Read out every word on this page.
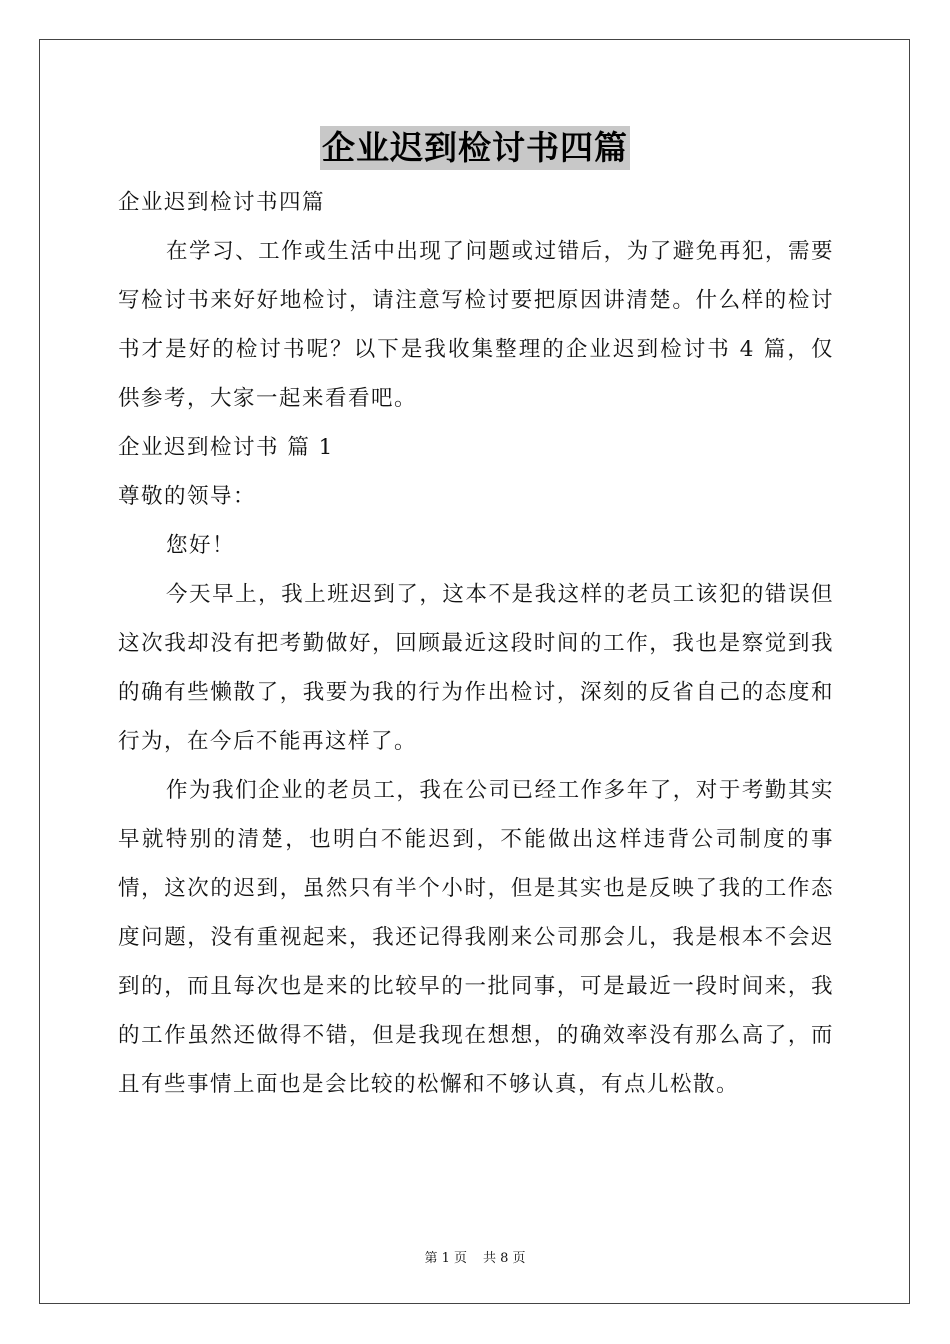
企业迟到检讨书四篇

企业迟到检讨书四篇

在学习、工作或生活中出现了问题或过错后，为了避免再犯，需要写检讨书来好好地检讨，请注意写检讨要把原因讲清楚。什么样的检讨书才是好的检讨书呢？以下是我收集整理的企业迟到检讨书 4 篇，仅供参考，大家一起来看看吧。

企业迟到检讨书 篇 1

尊敬的领导：

您好！

今天早上，我上班迟到了，这本不是我这样的老员工该犯的错误但这次我却没有把考勤做好，回顾最近这段时间的工作，我也是察觉到我的确有些懒散了，我要为我的行为作出检讨，深刻的反省自己的态度和行为，在今后不能再这样了。

作为我们企业的老员工，我在公司已经工作多年了，对于考勤其实早就特别的清楚，也明白不能迟到，不能做出这样违背公司制度的事情，这次的迟到，虽然只有半个小时，但是其实也是反映了我的工作态度问题，没有重视起来，我还记得我刚来公司那会儿，我是根本不会迟到的，而且每次也是来的比较早的一批同事，可是最近一段时间来，我的工作虽然还做得不错，但是我现在想想，的确效率没有那么高了，而且有些事情上面也是会比较的松懈和不够认真，有点儿松散。

第 1 页 共 8 页
